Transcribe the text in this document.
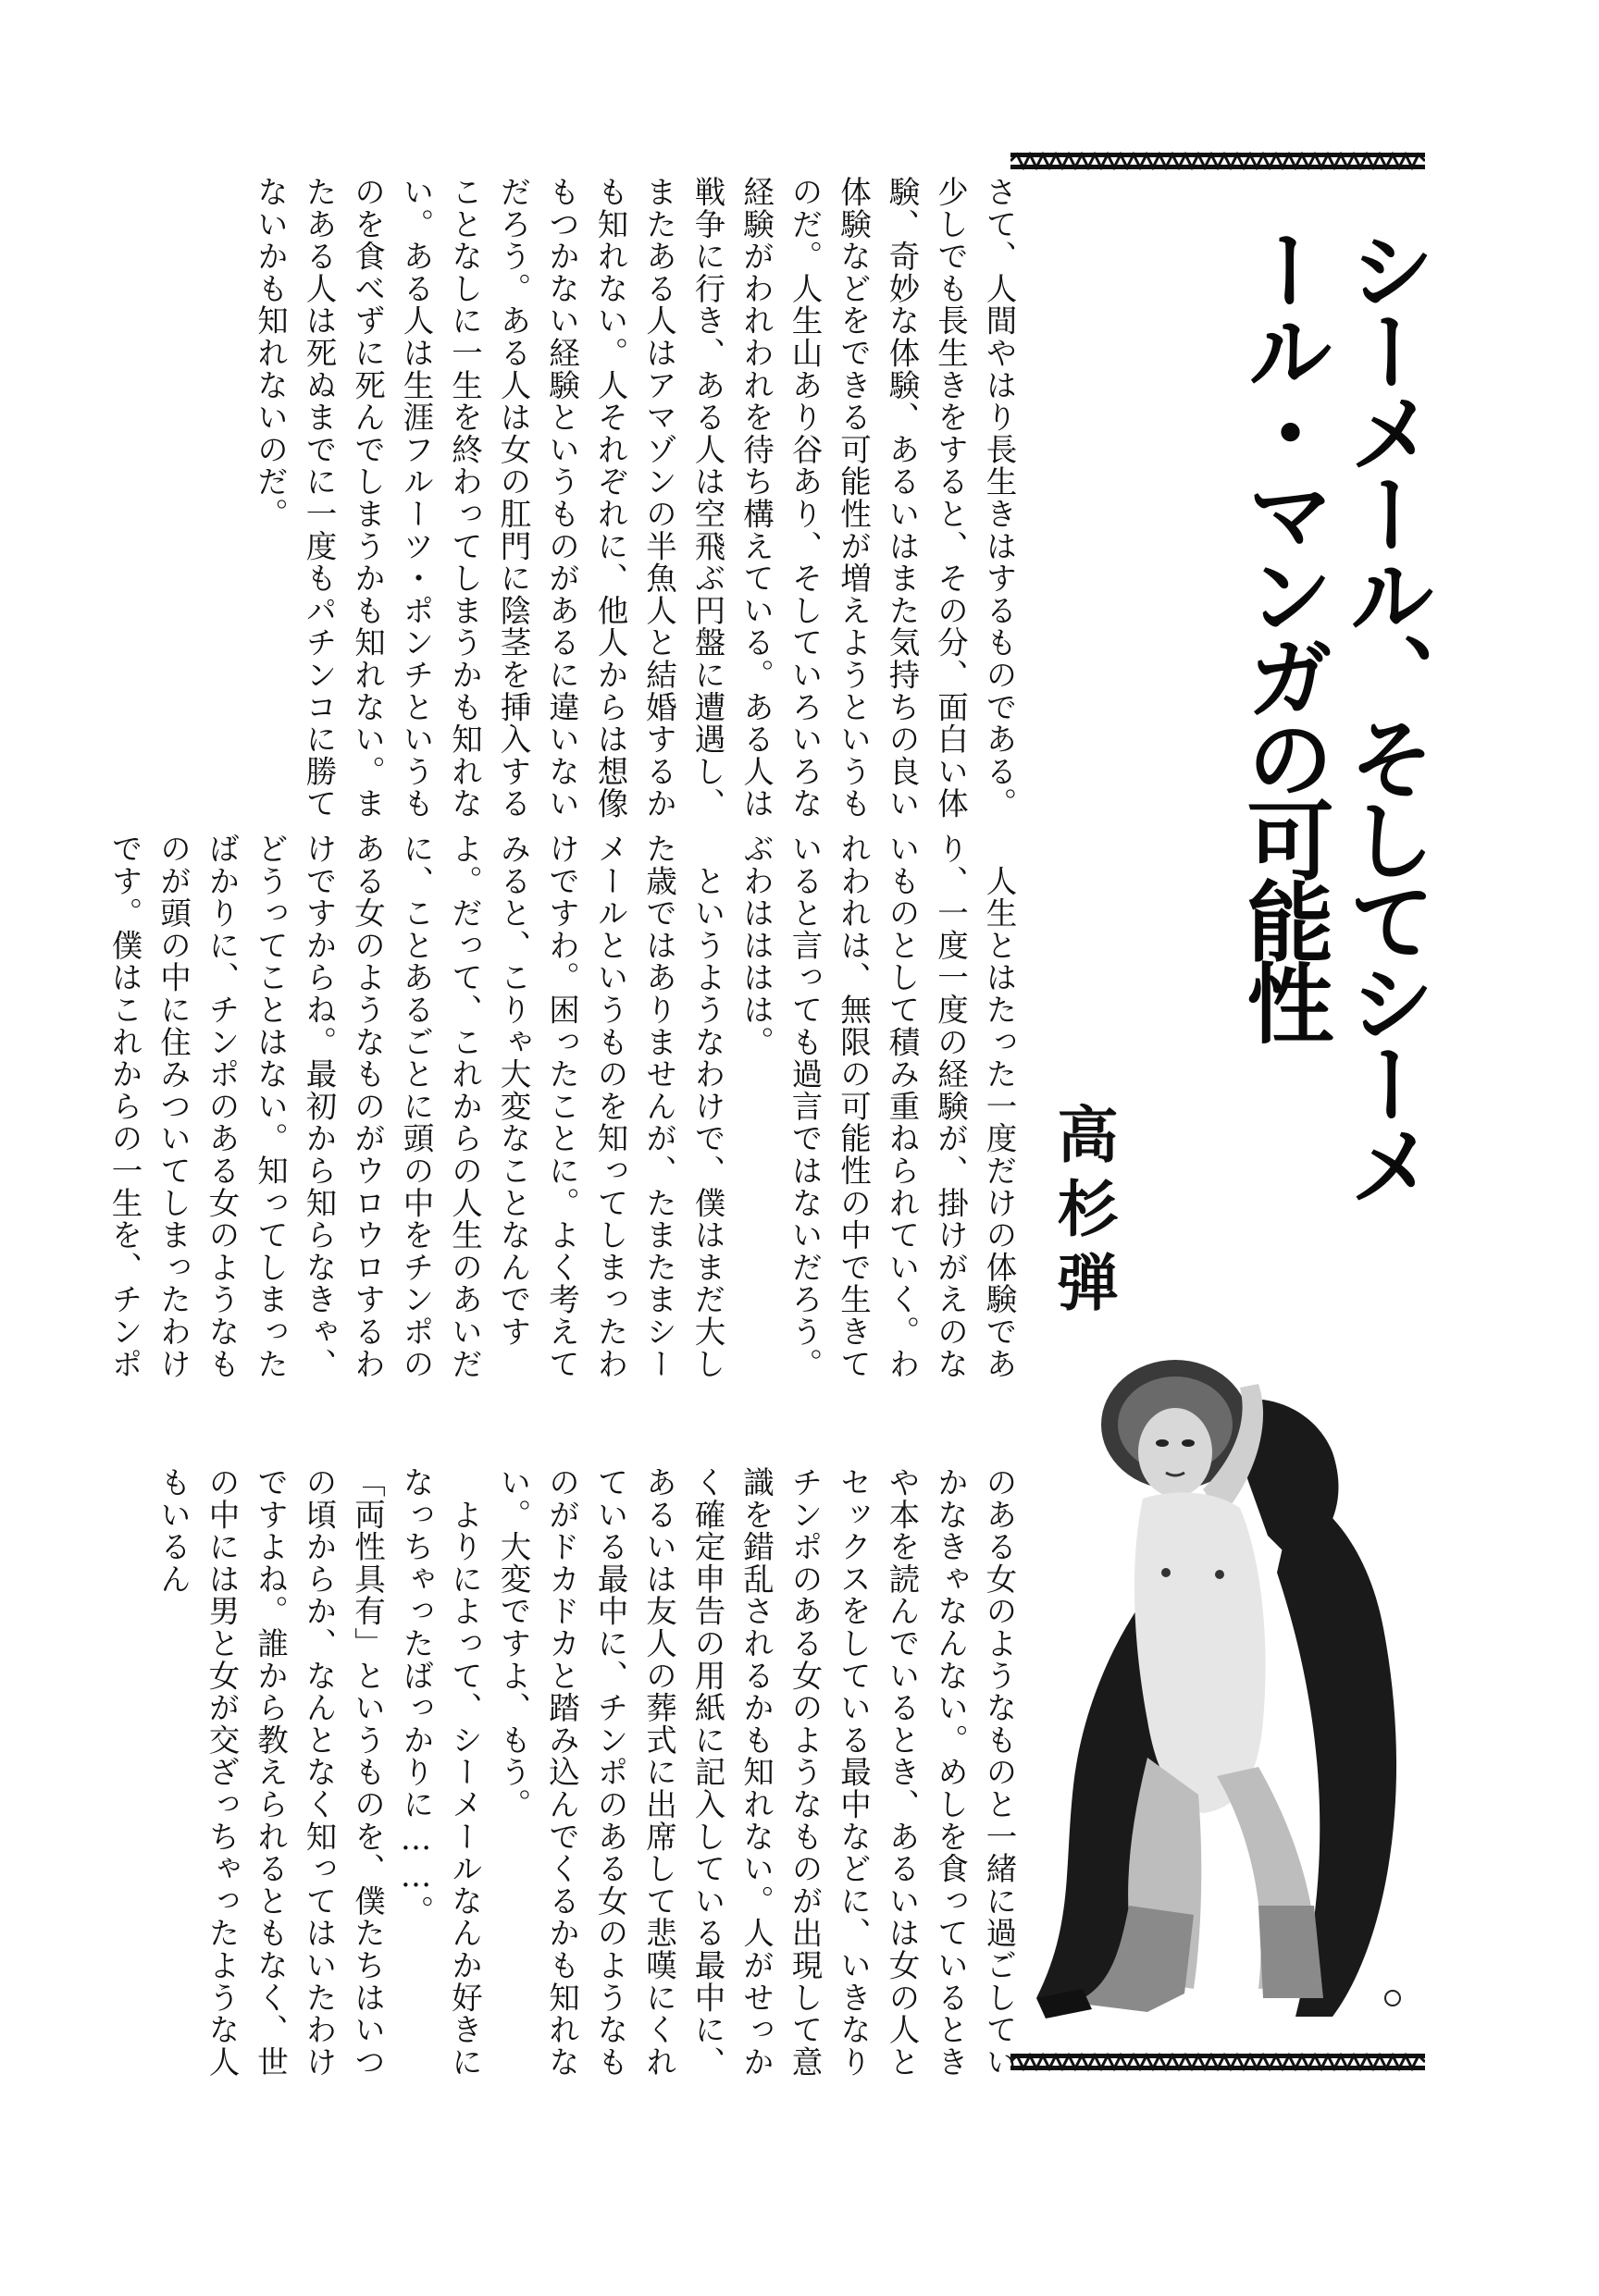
シーメール、そしてシーメール・マンガの可能性
高杉弾

さて、人間やはり長生きはするものである。少しでも長生きをすると、その分、面白い体験、奇妙な体験、あるいはまた気持ちの良い体験などをできる可能性が増えようというものだ。人生山あり谷あり、そしていろいろな経験がわれわれを待ち構えている。ある人は戦争に行き、ある人は空飛ぶ円盤に遭遇し、またある人はアマゾンの半魚人と結婚するかも知れない。人それぞれに、他人からは想像もつかない経験というものがあるに違いないだろう。ある人は女の肛門に陰茎を挿入することなしに一生を終わってしまうかも知れない。ある人は生涯フルーツ・ポンチというものを食べずに死んでしまうかも知れない。またある人は死ぬまでに一度もパチンコに勝てないかも知れないのだ。

　人生とはたった一度だけの体験であり、一度一度の経験が、掛けがえのないものとして積み重ねられていく。われわれは、無限の可能性の中で生きていると言っても過言ではないだろう。ぶわはははは。
　というようなわけで、僕はまだ大した歳ではありませんが、たまたまシーメールというものを知ってしまったわけですわ。困ったことに。よく考えてみると、こりゃ大変なことなんですよ。だって、これからの人生のあいだに、ことあるごとに頭の中をチンポのある女のようなものがウロウロするわけですからね。最初から知らなきゃ、どうってことはない。知ってしまったばかりに、チンポのある女のようなものが頭の中に住みついてしまったわけです。僕はこれからの一生を、チンポ

のある女のようなものと一緒に過ごしていかなきゃなんない。めしを食っているときや本を読んでいるとき、あるいは女の人とセックスをしている最中などに、いきなりチンポのある女のようなものが出現して意識を錯乱されるかも知れない。人がせっかく確定申告の用紙に記入している最中に、あるいは友人の葬式に出席して悲嘆にくれている最中に、チンポのある女のようなものがドカドカと踏み込んでくるかも知れない。大変ですよ、もう。
　よりによって、シーメールなんか好きになっちゃったばっかりに……。
「両性具有」というものを、僕たちはいつの頃からか、なんとなく知ってはいたわけですよね。誰から教えられるともなく、世の中には男と女が交ざっちゃったような人もいるん
